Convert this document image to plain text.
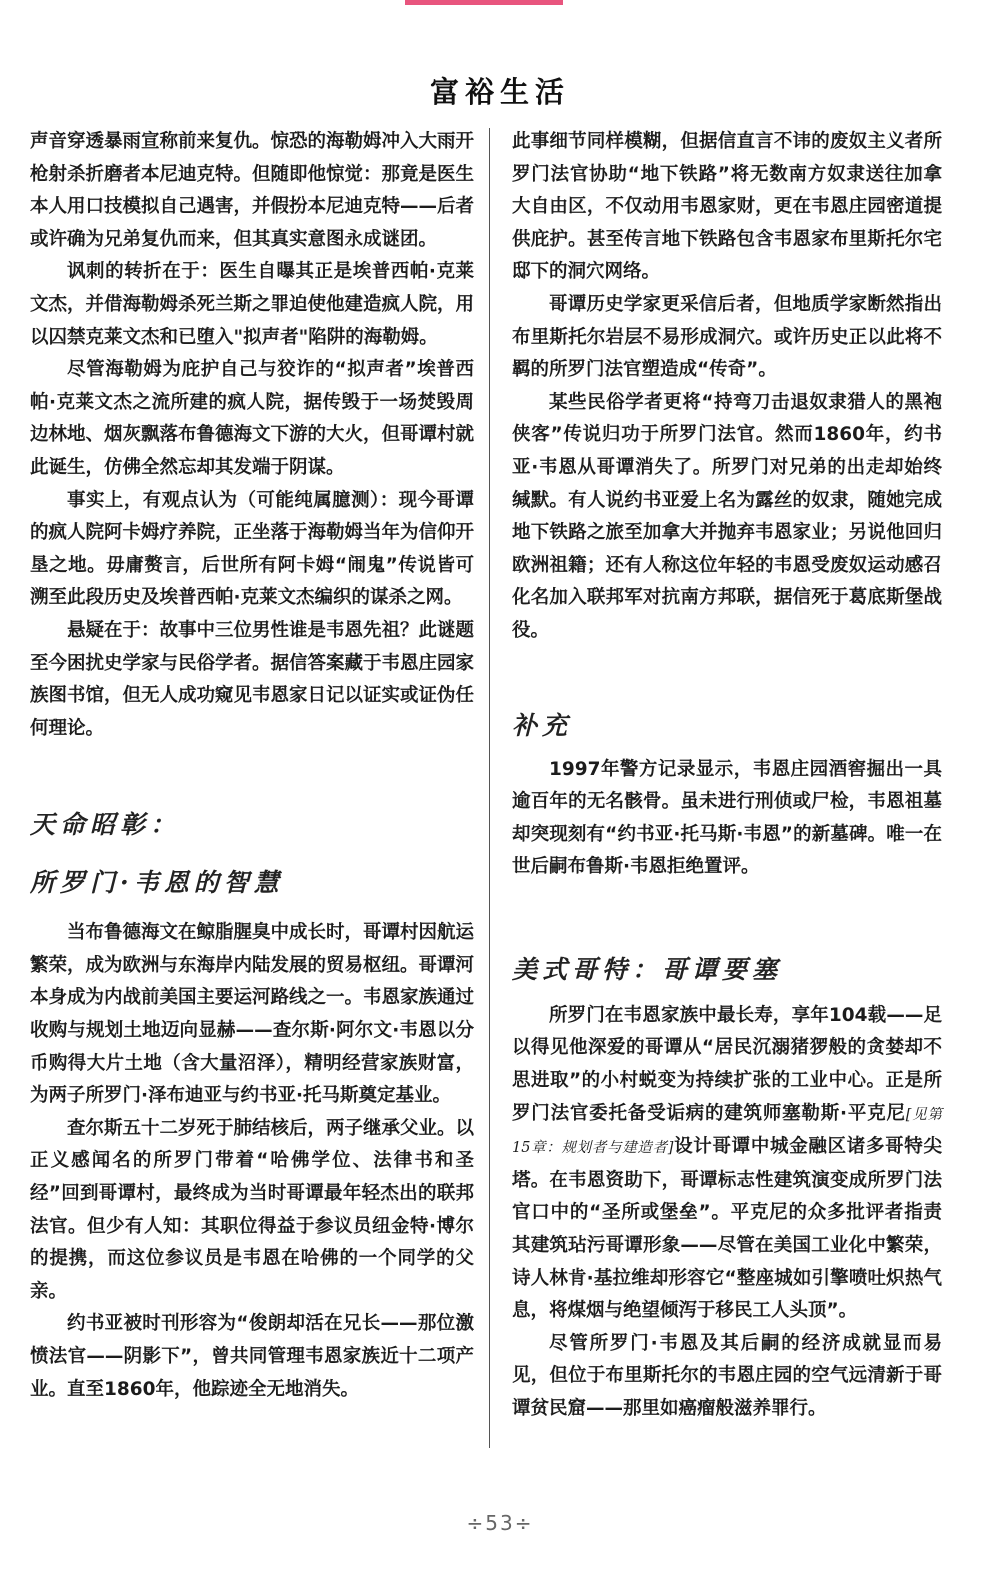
富裕生活

声音穿透暴雨宣称前来复仇。惊恐的海勒姆冲入大雨开枪射杀折磨者本尼迪克特。但随即他惊觉：那竟是医生本人用口技模拟自己遇害，并假扮本尼迪克特——后者或许确为兄弟复仇而来，但其真实意图永成谜团。

讽刺的转折在于：医生自曝其正是埃普西帕·克莱文杰，并借海勒姆杀死兰斯之罪迫使他建造疯人院，用以囚禁克莱文杰和已堕入"拟声者"陷阱的海勒姆。

尽管海勒姆为庇护自己与狡诈的“拟声者”埃普西帕·克莱文杰之流所建的疯人院，据传毁于一场焚毁周边林地、烟灰飘落布鲁德海文下游的大火，但哥谭村就此诞生，仿佛全然忘却其发端于阴谋。

事实上，有观点认为（可能纯属臆测）：现今哥谭的疯人院阿卡姆疗养院，正坐落于海勒姆当年为信仰开垦之地。毋庸赘言，后世所有阿卡姆“闹鬼”传说皆可溯至此段历史及埃普西帕·克莱文杰编织的谋杀之网。

悬疑在于：故事中三位男性谁是韦恩先祖？此谜题至今困扰史学家与民俗学者。据信答案藏于韦恩庄园家族图书馆，但无人成功窥见韦恩家日记以证实或证伪任何理论。

天命昭彰：
所罗门·韦恩的智慧

当布鲁德海文在鲸脂腥臭中成长时，哥谭村因航运繁荣，成为欧洲与东海岸内陆发展的贸易枢纽。哥谭河本身成为内战前美国主要运河路线之一。韦恩家族通过收购与规划土地迈向显赫——查尔斯·阿尔文·韦恩以分币购得大片土地（含大量沼泽），精明经营家族财富，为两子所罗门·泽布迪亚与约书亚·托马斯奠定基业。

查尔斯五十二岁死于肺结核后，两子继承父业。以正义感闻名的所罗门带着“哈佛学位、法律书和圣经”回到哥谭村，最终成为当时哥谭最年轻杰出的联邦法官。但少有人知：其职位得益于参议员纽金特·博尔的提携，而这位参议员是韦恩在哈佛的一个同学的父亲。

约书亚被时刊形容为“俊朗却活在兄长——那位激愤法官——阴影下”，曾共同管理韦恩家族近十二项产业。直至1860年，他踪迹全无地消失。

此事细节同样模糊，但据信直言不讳的废奴主义者所罗门法官协助“地下铁路”将无数南方奴隶送往加拿大自由区，不仅动用韦恩家财，更在韦恩庄园密道提供庇护。甚至传言地下铁路包含韦恩家布里斯托尔宅邸下的洞穴网络。

哥谭历史学家更采信后者，但地质学家断然指出布里斯托尔岩层不易形成洞穴。或许历史正以此将不羁的所罗门法官塑造成“传奇”。

某些民俗学者更将“持弯刀击退奴隶猎人的黑袍侠客”传说归功于所罗门法官。然而1860年，约书亚·韦恩从哥谭消失了。所罗门对兄弟的出走却始终缄默。有人说约书亚爱上名为露丝的奴隶，随她完成地下铁路之旅至加拿大并抛弃韦恩家业；另说他回归欧洲祖籍；还有人称这位年轻的韦恩受废奴运动感召化名加入联邦军对抗南方邦联，据信死于葛底斯堡战役。

补充

1997年警方记录显示，韦恩庄园酒窖掘出一具逾百年的无名骸骨。虽未进行刑侦或尸检，韦恩祖墓却突现刻有“约书亚·托马斯·韦恩”的新墓碑。唯一在世后嗣布鲁斯·韦恩拒绝置评。

美式哥特：哥谭要塞

所罗门在韦恩家族中最长寿，享年104载——足以得见他深爱的哥谭从“居民沉溺猪猡般的贪婪却不思进取”的小村蜕变为持续扩张的工业中心。正是所罗门法官委托备受诟病的建筑师塞勒斯·平克尼[见第15章：规划者与建造者]设计哥谭中城金融区诸多哥特尖塔。在韦恩资助下，哥谭标志性建筑演变成所罗门法官口中的“圣所或堡垒”。平克尼的众多批评者指责其建筑玷污哥谭形象——尽管在美国工业化中繁荣，诗人林肯·基拉维却形容它“整座城如引擎喷吐炽热气息，将煤烟与绝望倾泻于移民工人头顶”。

尽管所罗门·韦恩及其后嗣的经济成就显而易见，但位于布里斯托尔的韦恩庄园的空气远清新于哥谭贫民窟——那里如癌瘤般滋养罪行。

÷53÷
